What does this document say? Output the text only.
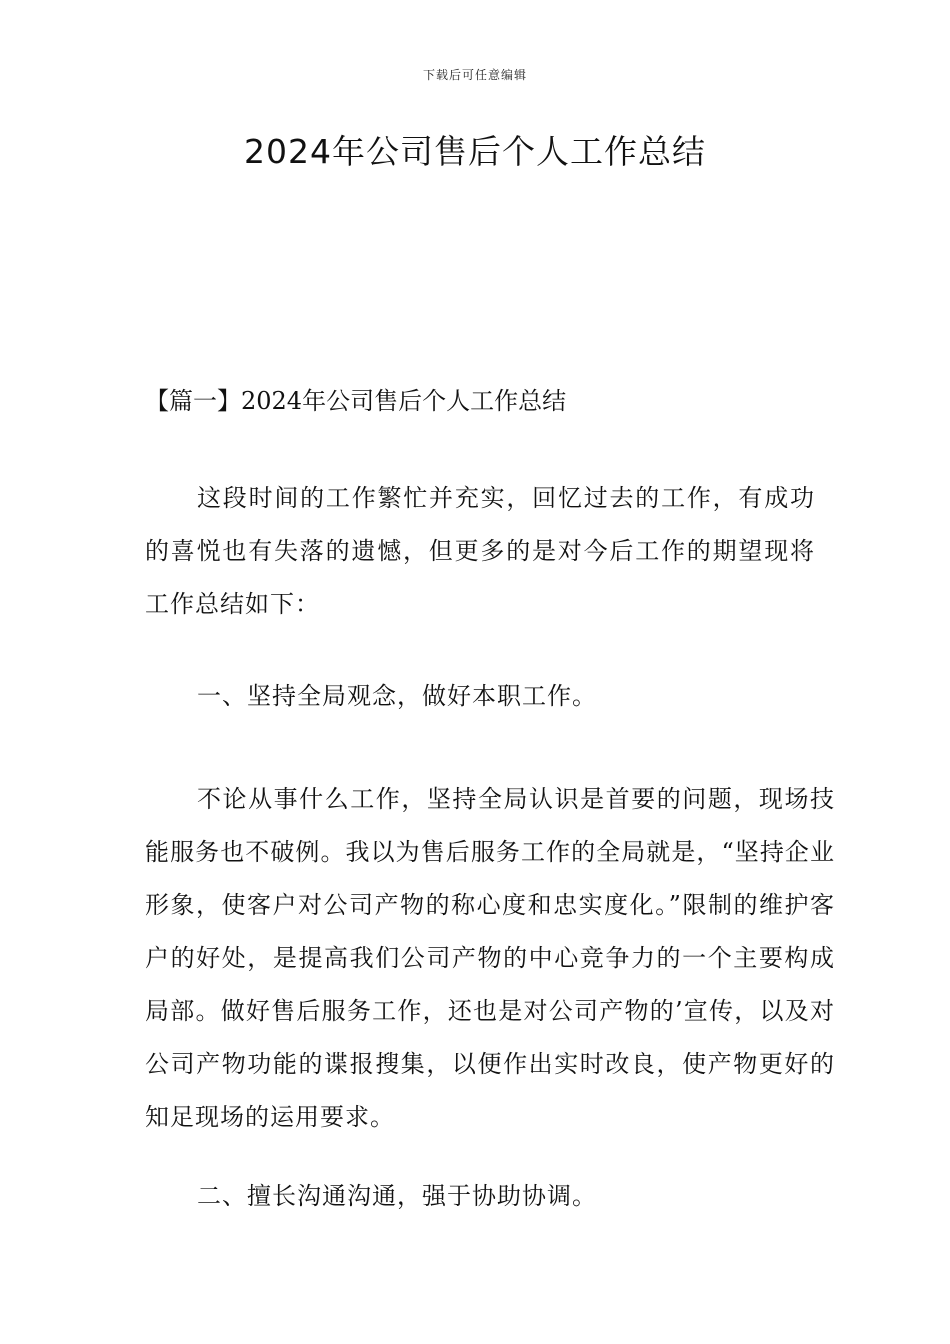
下载后可任意编辑
2024年公司售后个人工作总结
【篇一】2024年公司售后个人工作总结

这段时间的工作繁忙并充实，回忆过去的工作，有成功的喜悦也有失落的遗憾，但更多的是对今后工作的期望现将工作总结如下：

一、坚持全局观念，做好本职工作。

不论从事什么工作，坚持全局认识是首要的问题，现场技能服务也不破例。我以为售后服务工作的全局就是，“坚持企业形象，使客户对公司产物的称心度和忠实度化。”限制的维护客户的好处，是提高我们公司产物的中心竞争力的一个主要构成局部。做好售后服务工作，还也是对公司产物的’宣传，以及对公司产物功能的谍报搜集，以便作出实时改良，使产物更好的知足现场的运用要求。

二、擅长沟通沟通，强于协助协调。
